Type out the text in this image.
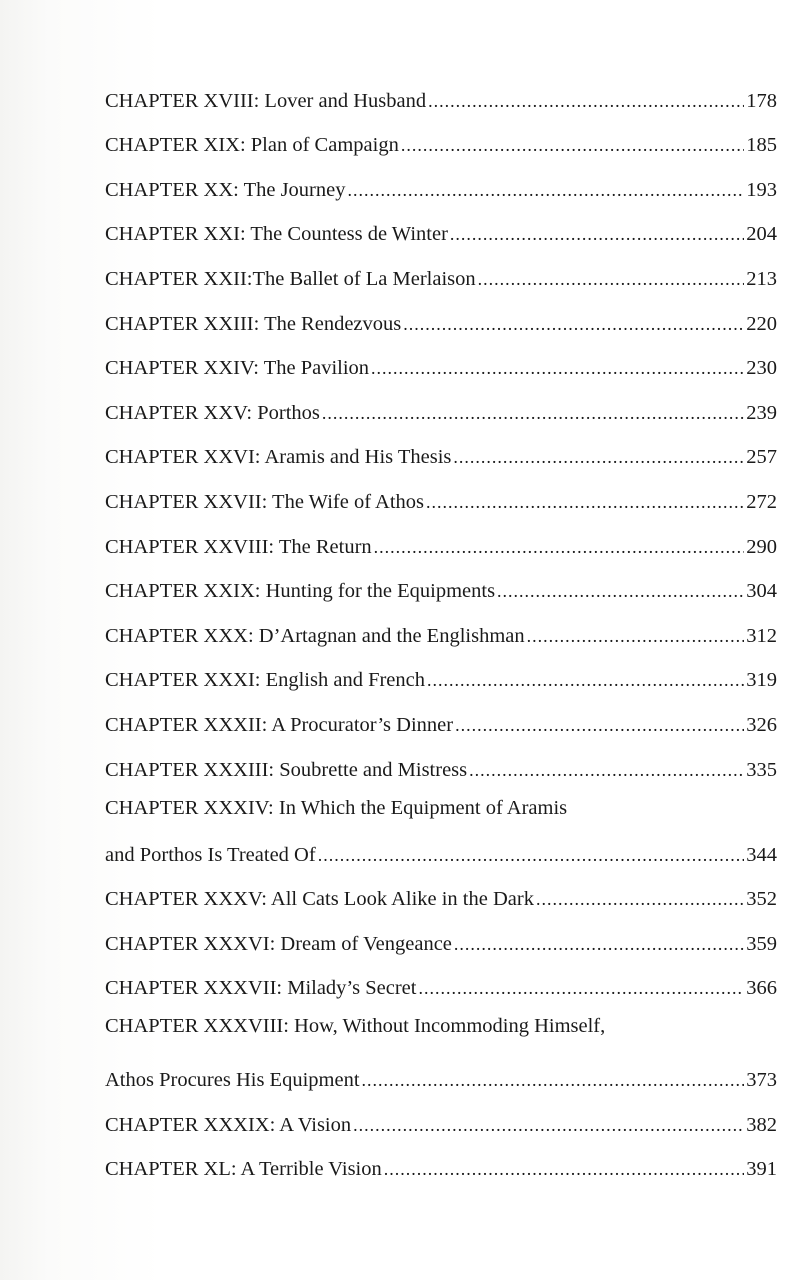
CHAPTER XVIII: Lover and Husband .....	178
CHAPTER XIX: Plan of Campaign .....	185
CHAPTER XX: The Journey .....	193
CHAPTER XXI: The Countess de Winter .....	204
CHAPTER XXII:The Ballet of La Merlaison .....	213
CHAPTER XXIII: The Rendezvous .....	220
CHAPTER XXIV: The Pavilion .....	230
CHAPTER XXV: Porthos .....	239
CHAPTER XXVI: Aramis and His Thesis .....	257
CHAPTER XXVII: The Wife of Athos .....	272
CHAPTER XXVIII: The Return .....	290
CHAPTER XXIX: Hunting for the Equipments .....	304
CHAPTER XXX: D’Artagnan and the Englishman .....	312
CHAPTER XXXI: English and French .....	319
CHAPTER XXXII: A Procurator’s Dinner .....	326
CHAPTER XXXIII: Soubrette and Mistress .....	335
CHAPTER XXXIV: In Which the Equipment of Aramis
and Porthos Is Treated Of .....	344
CHAPTER XXXV: All Cats Look Alike in the Dark .....	352
CHAPTER XXXVI: Dream of Vengeance .....	359
CHAPTER XXXVII: Milady’s Secret .....	366
CHAPTER XXXVIII: How, Without Incommoding Himself,
Athos Procures His Equipment .....	373
CHAPTER XXXIX: A Vision .....	382
CHAPTER XL: A Terrible Vision .....	391
